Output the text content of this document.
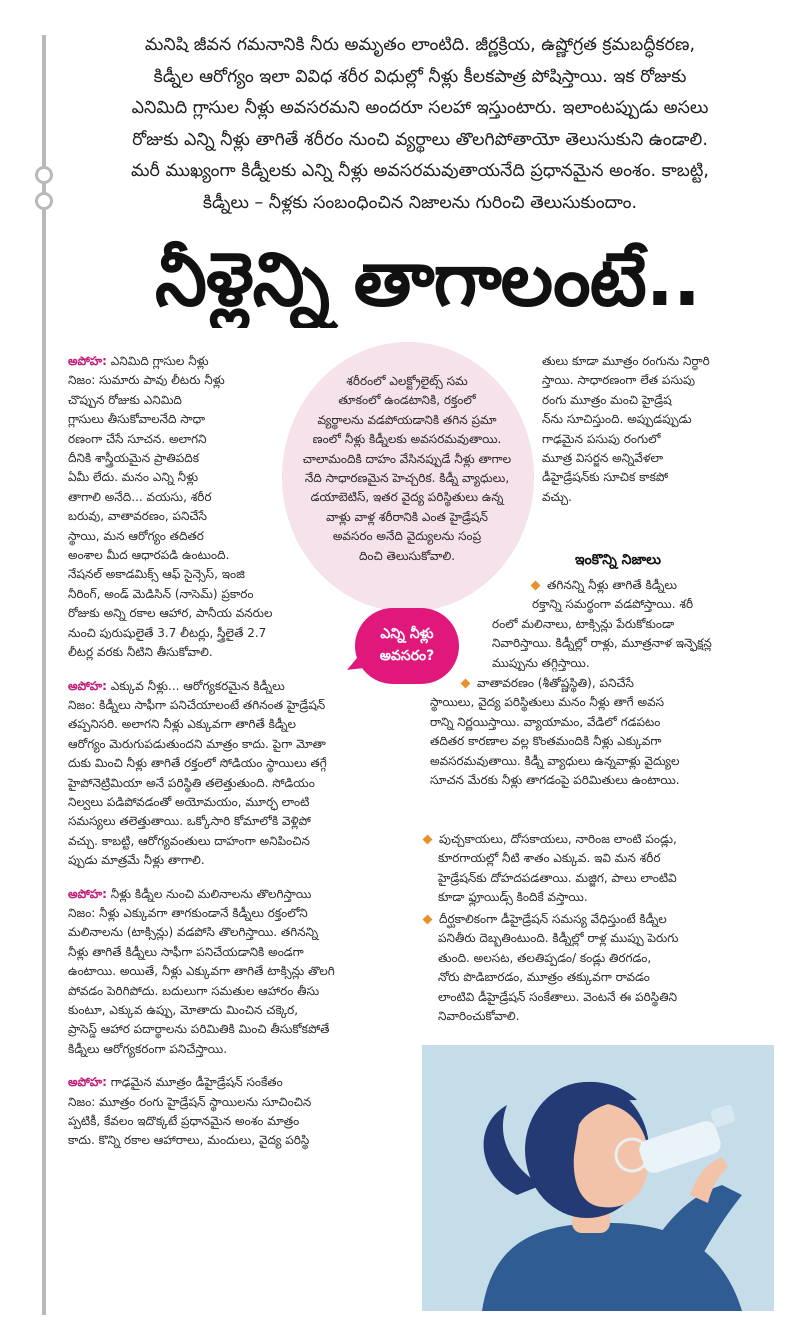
మనిషి జీవన గమనానికి నీరు అమృతం లాంటిది. జీర్ణక్రియ, ఉష్ణోగ్రత క్రమబద్ధీకరణ,
కిడ్నీల ఆరోగ్యం ఇలా వివిధ శరీర విధుల్లో నీళ్లు కీలకపాత్ర పోషిస్తాయి. ఇక రోజుకు
ఎనిమిది గ్లాసుల నీళ్లు అవసరమని అందరూ సలహా ఇస్తుంటారు. ఇలాంటప్పుడు అసలు
రోజుకు ఎన్ని నీళ్లు తాగితే శరీరం నుంచి వ్యర్థాలు తొలగిపోతాయో తెలుసుకుని ఉండాలి.
మరీ ముఖ్యంగా కిడ్నీలకు ఎన్ని నీళ్లు అవసరమవుతాయనేది ప్రధానమైన అంశం. కాబట్టి,
కిడ్నీలు – నీళ్లకు సంబంధించిన నిజాలను గురించి తెలుసుకుందాం.
నీళ్లెన్ని తాగాలంటే..
అపోహ: ఎనిమిది గ్లాసుల నీళ్లు
నిజం: సుమారు పావు లీటరు నీళ్లు
చొప్పున రోజుకు ఎనిమిది
గ్లాసులు తీసుకోవాలనేది సాధా
రణంగా చేసే సూచన. అలాగని
దీనికి శాస్త్రీయమైన ప్రాతిపదిక
ఏమీ లేదు. మనం ఎన్ని నీళ్లు
తాగాలి అనేది... వయసు, శరీర
బరువు, వాతావరణం, పనిచేసే
స్థాయి, మన ఆరోగ్యం తదితర
అంశాల మీద ఆధారపడి ఉంటుంది.
నేషనల్ అకాడమిక్స్ ఆఫ్ సైన్సెస్, ఇంజి
నీరింగ్, అండ్ మెడిసిన్ (నాసెమ్) ప్రకారం
రోజుకు అన్ని రకాల ఆహార, పానీయ వనరుల
నుంచి పురుషులైతే 3.7 లీటర్లు, స్త్రీలైతే 2.7
లీటర్ల వరకు నీటిని తీసుకోవాలి.
అపోహ: ఎక్కువ నీళ్లు... ఆరోగ్యకరమైన కిడ్నీలు
నిజం: కిడ్నీలు సాఫీగా పనిచేయాలంటే తగినంత హైడ్రేషన్
తప్పనిసరి. అలాగని నీళ్లు ఎక్కువగా తాగితే కిడ్నీల
ఆరోగ్యం మెరుగుపడుతుందని మాత్రం కాదు. పైగా మోతా
దుకు మించి నీళ్లు తాగితే రక్తంలో సోడియం స్థాయిలు తగ్గే
హైపోనెట్రిమియా అనే పరిస్థితి తలెత్తుతుంది. సోడియం
నిల్వలు పడిపోవడంతో అయోమయం, మూర్ఛ లాంటి
సమస్యలు తలెత్తుతాయి. ఒక్కోసారి కోమాలోకి వెళ్లిపో
వచ్చు. కాబట్టి, ఆరోగ్యవంతులు దాహంగా అనిపించిన
ప్పుడు మాత్రమే నీళ్లు తాగాలి.
అపోహ: నీళ్లు కిడ్నీల నుంచి మలినాలను తొలగిస్తాయి
నిజం: నీళ్లు ఎక్కువగా తాగకుండానే కిడ్నీలు రక్తంలోని
మలినాలను (టాక్సిన్లు) వడపోసి తొలగిస్తాయి. తగినన్ని
నీళ్లు తాగితే కిడ్నీలు సాఫీగా పనిచేయడానికి అండగా
ఉంటాయి. అయితే, నీళ్లు ఎక్కువగా తాగితే టాక్సిన్లు తొలగి
పోవడం పెరిగిపోదు. బదులుగా సమతుల ఆహారం తీసు
కుంటూ, ఎక్కువ ఉప్పు, మోతాదు మించిన చక్కెర,
ప్రాసెస్డ్ ఆహార పదార్థాలను పరిమితికి మించి తీసుకోకపోతే
కిడ్నీలు ఆరోగ్యకరంగా పనిచేస్తాయి.
అపోహ: గాఢమైన మూత్రం డీహైడ్రేషన్ సంకేతం
నిజం: మూత్రం రంగు హైడ్రేషన్ స్థాయిలను సూచించిన
ప్పటికీ, కేవలం ఇదొక్కటే ప్రధానమైన అంశం మాత్రం
కాదు. కొన్ని రకాల ఆహారాలు, మందులు, వైద్య పరిస్థి
శరీరంలో ఎలక్ట్రోలైట్స్ సమ
తూకంలో ఉండటానికి, రక్తంలో
వ్యర్థాలను వడపోయడానికి తగిన ప్రమా
ణంలో నీళ్లు కిడ్నీలకు అవసరమవుతాయి.
చాలామందికి దాహం వేసినప్పుడే నీళ్లు తాగాల
నేది సాధారణమైన హెచ్చరిక. కిడ్నీ వ్యాధులు,
డయాబెటిస్, ఇతర వైద్య పరిస్థితులు ఉన్న
వాళ్లు వాళ్ల శరీరానికి ఎంత హైడ్రేషన్
అవసరం అనేది వైద్యులను సంప్ర
దించి తెలుసుకోవాలి.
ఎన్ని నీళ్లు
అవసరం?
తులు కూడా మూత్రం రంగును నిర్ధారి
స్తాయి. సాధారణంగా లేత పసుపు
రంగు మూత్రం మంచి హైడ్రేష
న్‌ను సూచిస్తుంది. అప్పుడప్పుడు
గాఢమైన పసుపు రంగులో
మూత్ర విసర్జన అన్నివేళలా
డీహైడ్రేషన్‌కు సూచిక కాకపో
వచ్చు.
ఇంకొన్ని నిజాలు
తగినన్ని నీళ్లు తాగితే కిడ్నీలు
రక్తాన్ని సమర్థంగా వడపోస్తాయి. శరీ
రంలో మలినాలు, టాక్సిన్లు పేరుకోకుండా
నివారిస్తాయి. కిడ్నీల్లో రాళ్లు, మూత్రనాళ ఇన్ఫెక్షన్ల
ముప్పును తగ్గిస్తాయి.
వాతావరణం (శీతోష్ణస్థితి), పనిచేసే
స్థాయిలు, వైద్య పరిస్థితులు మనం నీళ్లు తాగే అవస
రాన్ని నిర్ణయిస్తాయి. వ్యాయామం, వేడిలో గడపటం
తదితర కారణాల వల్ల కొంతమందికి నీళ్లు ఎక్కువగా
అవసరమవుతాయి. కిడ్నీ వ్యాధులు ఉన్నవాళ్లు వైద్యుల
సూచన మేరకు నీళ్లు తాగడంపై పరిమితులు ఉంటాయి.
పుచ్చకాయలు, దోసకాయలు, నారింజ లాంటి పండ్లు,
కూరగాయల్లో నీటి శాతం ఎక్కువ. ఇవి మన శరీర
హైడ్రేషన్‌కు దోహదపడతాయి. మజ్జిగ, పాలు లాంటివి
కూడా ఫ్లూయిడ్స్ కిందికే వస్తాయి.
దీర్ఘకాలికంగా డీహైడ్రేషన్ సమస్య వేధిస్తుంటే కిడ్నీల
పనితీరు దెబ్బతింటుంది. కిడ్నీల్లో రాళ్ల ముప్పు పెరుగు
తుంది. అలసట, తలతిప్పడం/ కండ్లు తిరగడం,
నోరు పొడిబారడం, మూత్రం తక్కువగా రావడం
లాంటివి డీహైడ్రేషన్ సంకేతాలు. వెంటనే ఈ పరిస్థితిని
నివారించుకోవాలి.
